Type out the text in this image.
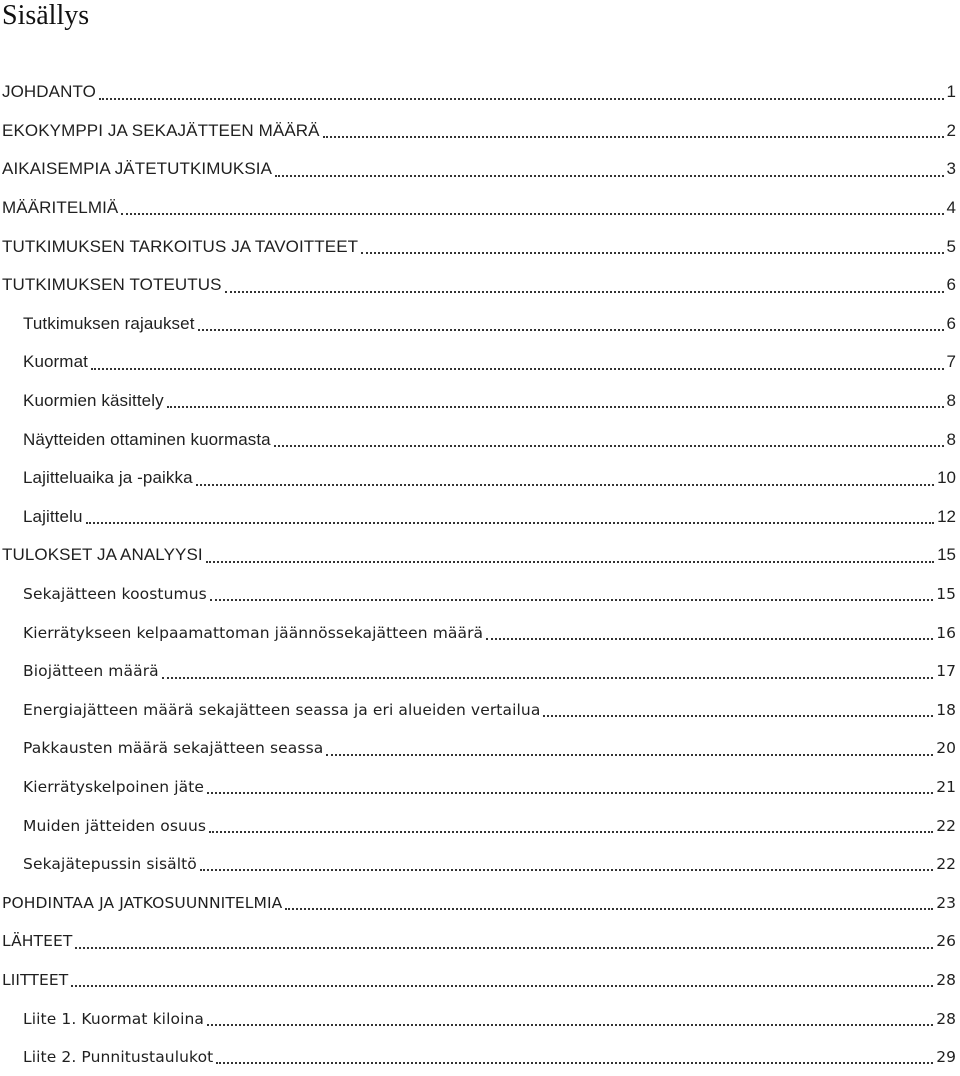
Sisällys
JOHDANTO	1
EKOKYMPPI JA SEKAJÄTTEEN MÄÄRÄ	2
AIKAISEMPIA JÄTETUTKIMUKSIA	3
MÄÄRITELMIÄ	4
TUTKIMUKSEN TARKOITUS JA TAVOITTEET	5
TUTKIMUKSEN TOTEUTUS	6
Tutkimuksen rajaukset	6
Kuormat	7
Kuormien käsittely	8
Näytteiden ottaminen kuormasta	8
Lajitteluaika ja -paikka	10
Lajittelu	12
TULOKSET JA ANALYYSI	15
Sekajätteen koostumus	15
Kierrätykseen kelpaamattoman jäännössekajätteen määrä	16
Biojätteen määrä	17
Energiajätteen määrä sekajätteen seassa ja eri alueiden vertailua	18
Pakkausten määrä sekajätteen seassa	20
Kierrätyskelpoinen jäte	21
Muiden jätteiden osuus	22
Sekajätepussin sisältö	22
POHDINTAA JA JATKOSUUNNITELMIA	23
LÄHTEET	26
LIITTEET	28
Liite 1. Kuormat kiloina	28
Liite 2. Punnitustaulukot	29
